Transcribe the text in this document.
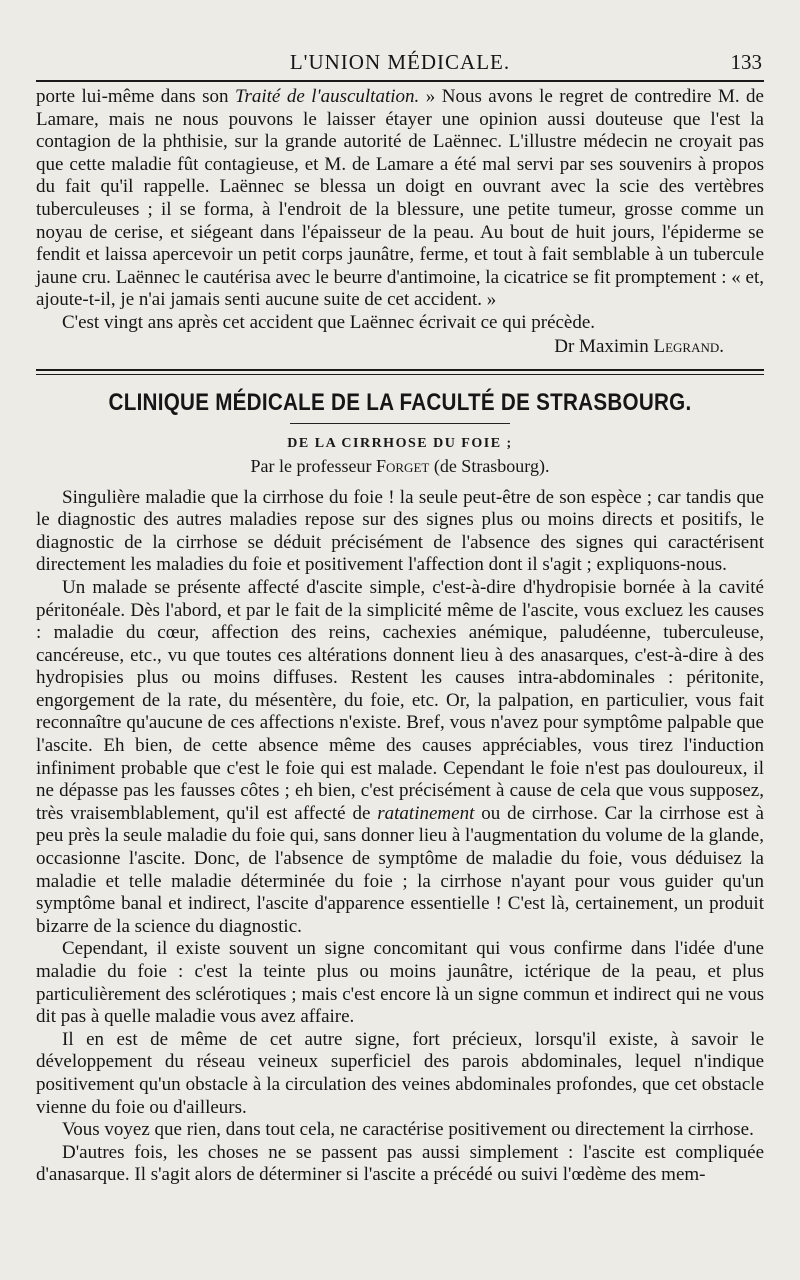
L'UNION MÉDICALE.	133

porte lui-même dans son Traité de l'auscultation. » Nous avons le regret de contredire M. de Lamare, mais ne nous pouvons le laisser étayer une opinion aussi douteuse que l'est la contagion de la phthisie, sur la grande autorité de Laënnec. L'illustre médecin ne croyait pas que cette maladie fût contagieuse, et M. de Lamare a été mal servi par ses souvenirs à propos du fait qu'il rappelle. Laënnec se blessa un doigt en ouvrant avec la scie des vertèbres tuberculeuses ; il se forma, à l'endroit de la blessure, une petite tumeur, grosse comme un noyau de cerise, et siégeant dans l'épaisseur de la peau. Au bout de huit jours, l'épiderme se fendit et laissa apercevoir un petit corps jaunâtre, ferme, et tout à fait semblable à un tubercule jaune cru. Laënnec le cautérisa avec le beurre d'antimoine, la cicatrice se fit promptement : « et, ajoute-t-il, je n'ai jamais senti aucune suite de cet accident. »

C'est vingt ans après cet accident que Laënnec écrivait ce qui précède.

Dr Maximin Legrand.
CLINIQUE MÉDICALE DE LA FACULTÉ DE STRASBOURG.
DE LA CIRRHOSE DU FOIE ;
Par le professeur Forget (de Strasbourg).

Singulière maladie que la cirrhose du foie ! la seule peut-être de son espèce ; car tandis que le diagnostic des autres maladies repose sur des signes plus ou moins directs et positifs, le diagnostic de la cirrhose se déduit précisément de l'absence des signes qui caractérisent directement les maladies du foie et positivement l'affection dont il s'agit ; expliquons-nous.

Un malade se présente affecté d'ascite simple, c'est-à-dire d'hydropisie bornée à la cavité péritonéale. Dès l'abord, et par le fait de la simplicité même de l'ascite, vous excluez les causes : maladie du cœur, affection des reins, cachexies anémique, paludéenne, tuberculeuse, cancéreuse, etc., vu que toutes ces altérations donnent lieu à des anasarques, c'est-à-dire à des hydropisies plus ou moins diffuses. Restent les causes intra-abdominales : péritonite, engorgement de la rate, du mésentère, du foie, etc. Or, la palpation, en particulier, vous fait reconnaître qu'aucune de ces affections n'existe. Bref, vous n'avez pour symptôme palpable que l'ascite. Eh bien, de cette absence même des causes appréciables, vous tirez l'induction infiniment probable que c'est le foie qui est malade. Cependant le foie n'est pas douloureux, il ne dépasse pas les fausses côtes ; eh bien, c'est précisément à cause de cela que vous supposez, très vraisemblablement, qu'il est affecté de ratatinement ou de cirrhose. Car la cirrhose est à peu près la seule maladie du foie qui, sans donner lieu à l'augmentation du volume de la glande, occasionne l'ascite. Donc, de l'absence de symptôme de maladie du foie, vous déduisez la maladie et telle maladie déterminée du foie ; la cirrhose n'ayant pour vous guider qu'un symptôme banal et indirect, l'ascite d'apparence essentielle ! C'est là, certainement, un produit bizarre de la science du diagnostic.

Cependant, il existe souvent un signe concomitant qui vous confirme dans l'idée d'une maladie du foie : c'est la teinte plus ou moins jaunâtre, ictérique de la peau, et plus particulièrement des sclérotiques ; mais c'est encore là un signe commun et indirect qui ne vous dit pas à quelle maladie vous avez affaire.

Il en est de même de cet autre signe, fort précieux, lorsqu'il existe, à savoir le développement du réseau veineux superficiel des parois abdominales, lequel n'indique positivement qu'un obstacle à la circulation des veines abdominales profondes, que cet obstacle vienne du foie ou d'ailleurs.

Vous voyez que rien, dans tout cela, ne caractérise positivement ou directement la cirrhose.

D'autres fois, les choses ne se passent pas aussi simplement : l'ascite est compliquée d'anasarque. Il s'agit alors de déterminer si l'ascite a précédé ou suivi l'œdème des mem-
